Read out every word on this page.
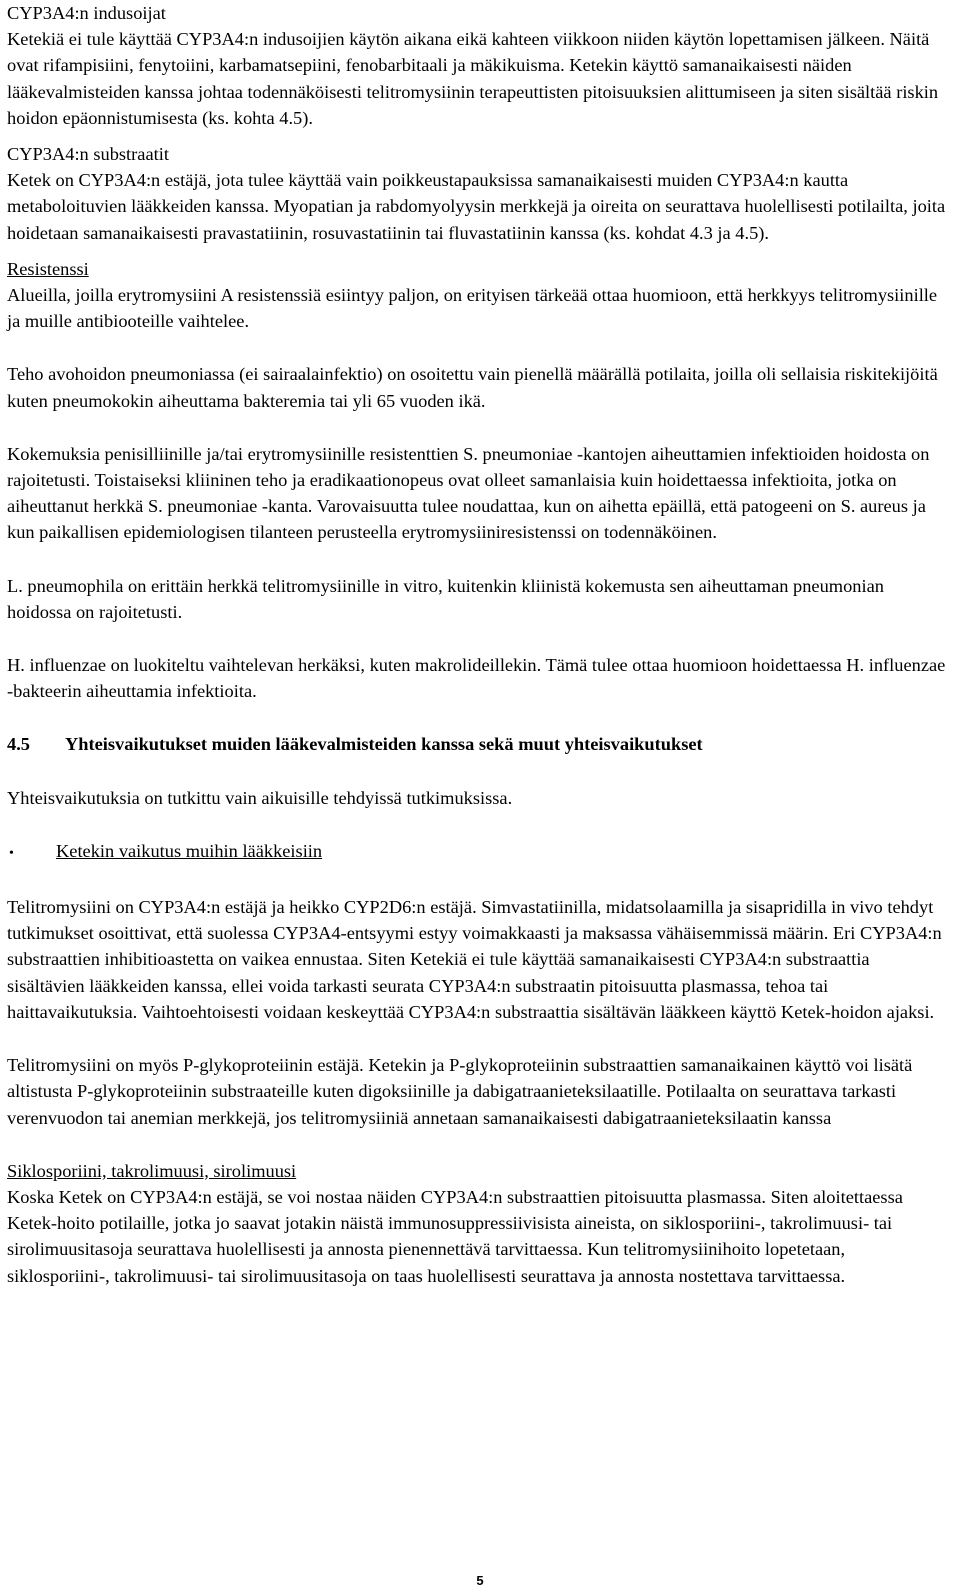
CYP3A4:n indusoijat

Ketekiä ei tule käyttää CYP3A4:n indusoijien käytön aikana eikä kahteen viikkoon niiden käytön lopettamisen jälkeen. Näitä ovat rifampisiini, fenytoiini, karbamatsepiini, fenobarbitaali ja mäkikuisma. Ketekin käyttö samanaikaisesti näiden lääkevalmisteiden kanssa johtaa todennäköisesti telitromysiinin terapeuttisten pitoisuuksien alittumiseen ja siten sisältää riskin hoidon epäonnistumisesta (ks. kohta 4.5).

CYP3A4:n substraatit

Ketek on CYP3A4:n estäjä, jota tulee käyttää vain poikkeustapauksissa samanaikaisesti muiden CYP3A4:n kautta metaboloituvien lääkkeiden kanssa. Myopatian ja rabdomyolyysin merkkejä ja oireita on seurattava huolellisesti potilailta, joita hoidetaan samanaikaisesti pravastatiinin, rosuvastatiinin tai fluvastatiinin kanssa (ks. kohdat 4.3 ja 4.5).

Resistenssi

Alueilla, joilla erytromysiini A resistenssiä esiintyy paljon, on erityisen tärkeää ottaa huomioon, että herkkyys telitromysiinille ja muille antibiooteille vaihtelee.

Teho avohoidon pneumoniassa (ei sairaalainfektio) on osoitettu vain pienellä määrällä potilaita, joilla oli sellaisia riskitekijöitä kuten pneumokokin aiheuttama bakteremia tai yli 65 vuoden ikä.

Kokemuksia penisilliinille ja/tai erytromysiinille resistenttien S. pneumoniae -kantojen aiheuttamien infektioiden hoidosta on rajoitetusti. Toistaiseksi kliininen teho ja eradikaationopeus ovat olleet samanlaisia kuin hoidettaessa infektioita, jotka on aiheuttanut herkkä S. pneumoniae -kanta. Varovaisuutta tulee noudattaa, kun on aihetta epäillä, että patogeeni on S. aureus ja kun paikallisen epidemiologisen tilanteen perusteella erytromysiiniresistenssi on todennäköinen.

L. pneumophila on erittäin herkkä telitromysiinille in vitro, kuitenkin kliinistä kokemusta sen aiheuttaman pneumonian hoidossa on rajoitetusti.

H. influenzae on luokiteltu vaihtelevan herkäksi, kuten makrolideillekin. Tämä tulee ottaa huomioon hoidettaessa H. influenzae -bakteerin aiheuttamia infektioita.

4.5	Yhteisvaikutukset muiden lääkevalmisteiden kanssa sekä muut yhteisvaikutukset

Yhteisvaikutuksia on tutkittu vain aikuisille tehdyissä tutkimuksissa.

•	Ketekin vaikutus muihin lääkkeisiin

Telitromysiini on CYP3A4:n estäjä ja heikko CYP2D6:n estäjä. Simvastatiinilla, midatsolaamilla ja sisapridilla in vivo tehdyt tutkimukset osoittivat, että suolessa CYP3A4-entsyymi estyy voimakkaasti ja maksassa vähäisemmissä määrin. Eri CYP3A4:n substraattien inhibitioastetta on vaikea ennustaa. Siten Ketekiä ei tule käyttää samanaikaisesti CYP3A4:n substraattia sisältävien lääkkeiden kanssa, ellei voida tarkasti seurata CYP3A4:n substraatin pitoisuutta plasmassa, tehoa tai haittavaikutuksia. Vaihtoehtoisesti voidaan keskeyttää CYP3A4:n substraattia sisältävän lääkkeen käyttö Ketek-hoidon ajaksi.

Telitromysiini on myös P-glykoproteiinin estäjä. Ketekin ja P-glykoproteiinin substraattien samanaikainen käyttö voi lisätä altistusta P-glykoproteiinin substraateille kuten digoksiinille ja dabigatraanieteksilaatille. Potilaalta on seurattava tarkasti verenvuodon tai anemian merkkejä, jos telitromysiiniä annetaan samanaikaisesti dabigatraanieteksilaatin kanssa

Siklosporiini, takrolimuusi, sirolimuusi

Koska Ketek on CYP3A4:n estäjä, se voi nostaa näiden CYP3A4:n substraattien pitoisuutta plasmassa. Siten aloitettaessa Ketek-hoito potilaille, jotka jo saavat jotakin näistä immunosuppressiivisista aineista, on siklosporiini-, takrolimuusi- tai sirolimuusitasoja seurattava huolellisesti ja annosta pienennettävä tarvittaessa. Kun telitromysiinihoito lopetetaan, siklosporiini-, takrolimuusi- tai sirolimuusitasoja on taas huolellisesti seurattava ja annosta nostettava tarvittaessa.

5
